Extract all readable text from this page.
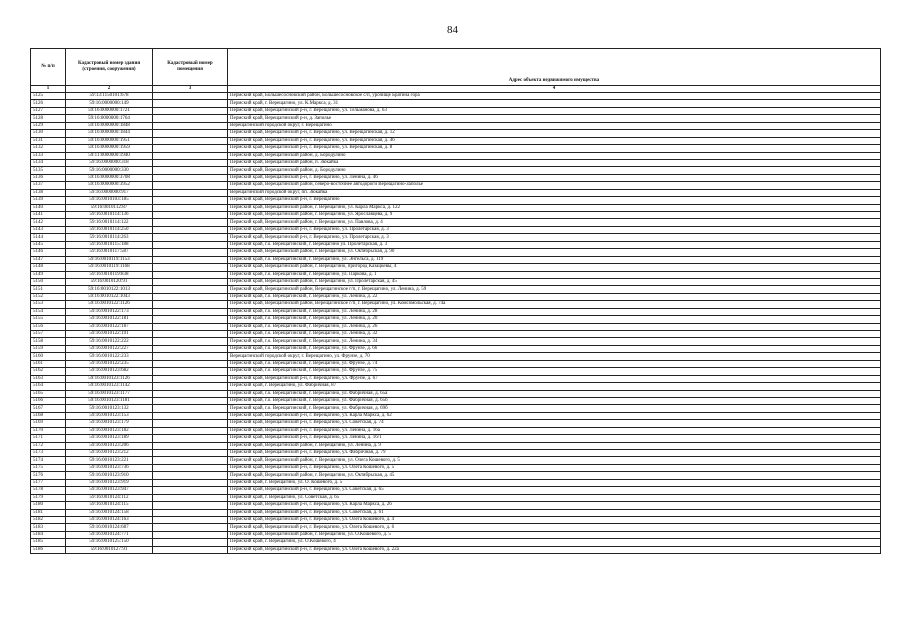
84
№ п/п	Кадастровый номер здания (строения, сооружения)	Кадастровый номер помещения	
			Адрес объекта недвижимого имущества
1	2	3	4
5125	59:13:1150101:678		Пермский край, Большесосновский район, Большесосновское с/п, урочище Братина гора
5126	59:16:0000000:149		Пермский край, г. Верещагино, ул. К.Маркса, д. 31
5127	59:16:0000000:1721		Пермский край, Верещагинский р-н, г. Верещагино, ул. Тельмановa, д. 63
5128	59:16:0000000:1764		Пермский край, Верещагинский р-н, д. Заполье
5129	59:16:0000000:1848		Верещагинский городской округ, г. Верещагино
5130	59:16:0000000:1844		Пермский край, Верещагинский р-н, г. Верещагино, ул. Верещагинская, д. 12
5131	59:16:0000000:1951		Пермский край, Верещагинский р-н, г. Верещагино, ул. Верещагинская, д. 46
5132	59:16:0000000:1959		Пермский край, Верещагинский р-н, г. Верещагино, ул. Верещагинская, д. 8
5133	59:11:0000000:1940		Пермский край, Верещагинский район, д. Бородулино
5134	59:16:0000000:318		Пермский край, Верещагинский район, п. Зюкайка
5135	59:16:0000000:330		Пермский край, Верещагинский район, д. Бородулино
5136	59:16:0000000:3708		Пермский край, Верещагинский р-н, г. Верещагино, ул. Ленина, д. 46
5137	59:16:0000000:3952		Пермский край, Верещагинский район, северо-восточнее автодороги Верещагино-Заполье
5138	59:16:0000000:917		Верещагинский городской округ, пп. Зюкайка
5139	59:16:0010103:185		Пермский край, Верещагинский р-н, г. Верещагино
5140	59:16:0010112:87		Пермский край, Верещагинский район, г. Верещагино, ул. Карла Маркса, д. 122
5141	59:16:0010114:136		Пермский край, Верещагинский район, г. Верещагино, ул. Ярославцева, д. 9
5142	59:16:0010114:122		Пермский край, Верещагинский район, г. Верещагино, ул. Павлова, д. 4
5143	59:16:0010114:250		Пермский край, Верещагинский р-н, г. Верещагино, ул. Пролетарская, д. 3
5144	59:16:0010114:263		Пермский край, Верещагинский р-н, г. Верещагино, ул. Пролетарская, д. 3
5145	59:16:0010115:188		Пермский край, г.о. Верещагинский, г. Верещагино ул. Пролетарская, д. 3
5146	59:16:0010117:587		Пермский край, Верещагинский район, г. Верещагино, ул. Октябрьская, д. 90
5147	59:16:0010119:1153		Пермский край, г.о. Верещагинский, г. Верещагино, ул. Энгельса, д. 119
5148	59:16:0010119:1168		Пермский край, Верещагинский район, г. Верещагино, пригород Казацкевы, 4
5149	59:16:0010119:838		Пермский край, г.о. Верещагинский, г. Верещагино, ул. Паркова, д. 1
5150	59:16:0010120:91		Пермский край, Верещагинский район, г. Верещагино, ул. Пролетарская, д. 45
5151	59:16:0010122:1013		Пермский край, Верещагинский район, Верещагинское г/п, г. Верещагино, ул. Ленина, д. 59
5152	59:16:0010122:1043		Пермский край, г.о. Верещагинский, г. Верещагино, ул. Ленина, д. 22
5153	59:16:0010122:1126		Пермский край, Верещагинский район, Верещагинское г/п, г. Верещагино, ул. Комсомольская, д. 74а
5154	59:16:0010122:173		Пермский край, г.о. Верещагинский, г. Верещагино, ул. Ленина, д. 28
5155	59:16:0010122:181		Пермский край, г.о. Верещагинский, г. Верещагино, ул. Ленина, д. 20
5156	59:16:0010122:187		Пермский край, г.о. Верещагинский, г. Верещагино, ул. Ленина, д. 26
5157	59:16:0010122:191		Пермский край, г.о. Верещагинский, г. Верещагино, ул. Ленина, д. 32
5158	59:16:0010122:222		Пермский край, г.о. Верещагинский, г. Верещагино, ул. Ленина, д. 34
5159	59:16:0010122:227		Пермский край, г.о. Верещагинский, г. Верещагино, ул. Фрунзе, д. 66
5160	59:16:0010122:233		Верещагинский городской округ, г. Верещагино, ул. Фрунзе, д. 70
5161	59:16:0010122:235		Пермский край, г.о. Верещагинский, г. Верещагино, ул. Фрунзе, д. 74
5162	59:16:0010123:682		Пермский край, г.о. Верещагинский, г. Верещагино, ул. Фрунзе, д. 75
5163	59:16:0010123:1126		Пермский край, Верещагинский р-н, г. Верещагино, ул. Фрунзе, д. 67
5164	59:16:0010123:1142		Пермский край, г. Верещагино, ул. Фабричная, 87
5165	59:16:0010123:1177		Пермский край, г.о. Верещагинский, г. Верещагино, ул. Фабричная, д. 65а
5166	59:16:0010123:1181		Пермский край, г.о. Верещагинский, г. Верещагино, ул. Фабричная, д. 65б
5167	59:16:0010123:132		Пермский край, г.о. Верещагинский, г. Верещагино, ул. Фабричная, д. 69б
5168	59:16:0010123:153		Пермский край, Верещагинский р-н, г. Верещагино, ул. Карла Маркса, д. 62
5169	59:16:0010123:179		Пермский край, Верещагинский р-н, г. Верещагино, ул. Советская, д. 74
5170	59:16:0010123:182		Пермский край, Верещагинский р-н, г. Верещагино, ул. Ленина, д. 16а
5171	59:16:0010123:189		Пермский край, Верещагинский р-н, г. Верещагино, ул. Ленина, д. 16/1
5172	59:16:0010123:206		Пермский край, Верещагинский район, г. Верещагино, ул. Ленина, д. 9
5173	59:16:0010123:212		Пермский край, Верещагинский р-н, г. Верещагино, ул. Фабричная, д. 79
5174	59:16:0010123:221		Пермский край, Верещагинский район, г. Верещагино, ул. Олега Кошевого, д. 5
5175	59:16:0010123:736		Пермский край, Верещагинский р-н, г. Верещагино, ул. Олега Кошевого, д. 5
5176	59:16:0010123:910		Пермский край, Верещагинский район, г. Верещагино, ул. Октябрьская, д. 45
5177	59:16:0010123:919		Пермский край, г. Верещагино, ул. О. Кошевого, д. 5
5178	59:16:0010123:947		Пермский край, Верещагинский р-н, г. Верещагино, ул. Советская, д. 65
5179	59:16:0010124:112		Пермский край, г. Верещагино, ул. Советская, д. 65
5180	59:16:0010124:115		Пермский край, Верещагинский р-н, г. Верещагино, ул. Карла Маркса, д. 26
5181	59:16:0010124:158		Пермский край, Верещагинский р-н, г. Верещагино, ул. Советская, д. 61
5182	59:16:0010124:163		Пермский край, Верещагинский р-н, г. Верещагино, ул. Олега Кошевого, д. 4
5183	59:16:0010124:687		Пермский край, Верещагинский р-н, г. Верещагино, ул. Олега Кошевого, д. 6
5184	59:16:0010124:771		Пермский край, Верещагинский район, г. Верещагино, ул. О.Кошевого, д. 5
5185	59:16:0010125:150		Пермский край, г. Верещагино, ул. О.Кошевого, 4
5186	59:16:0010127:91		Пермский край, Верещагинский р-н, г. Верещагино, ул. Олега Кошевого, д. 22а
